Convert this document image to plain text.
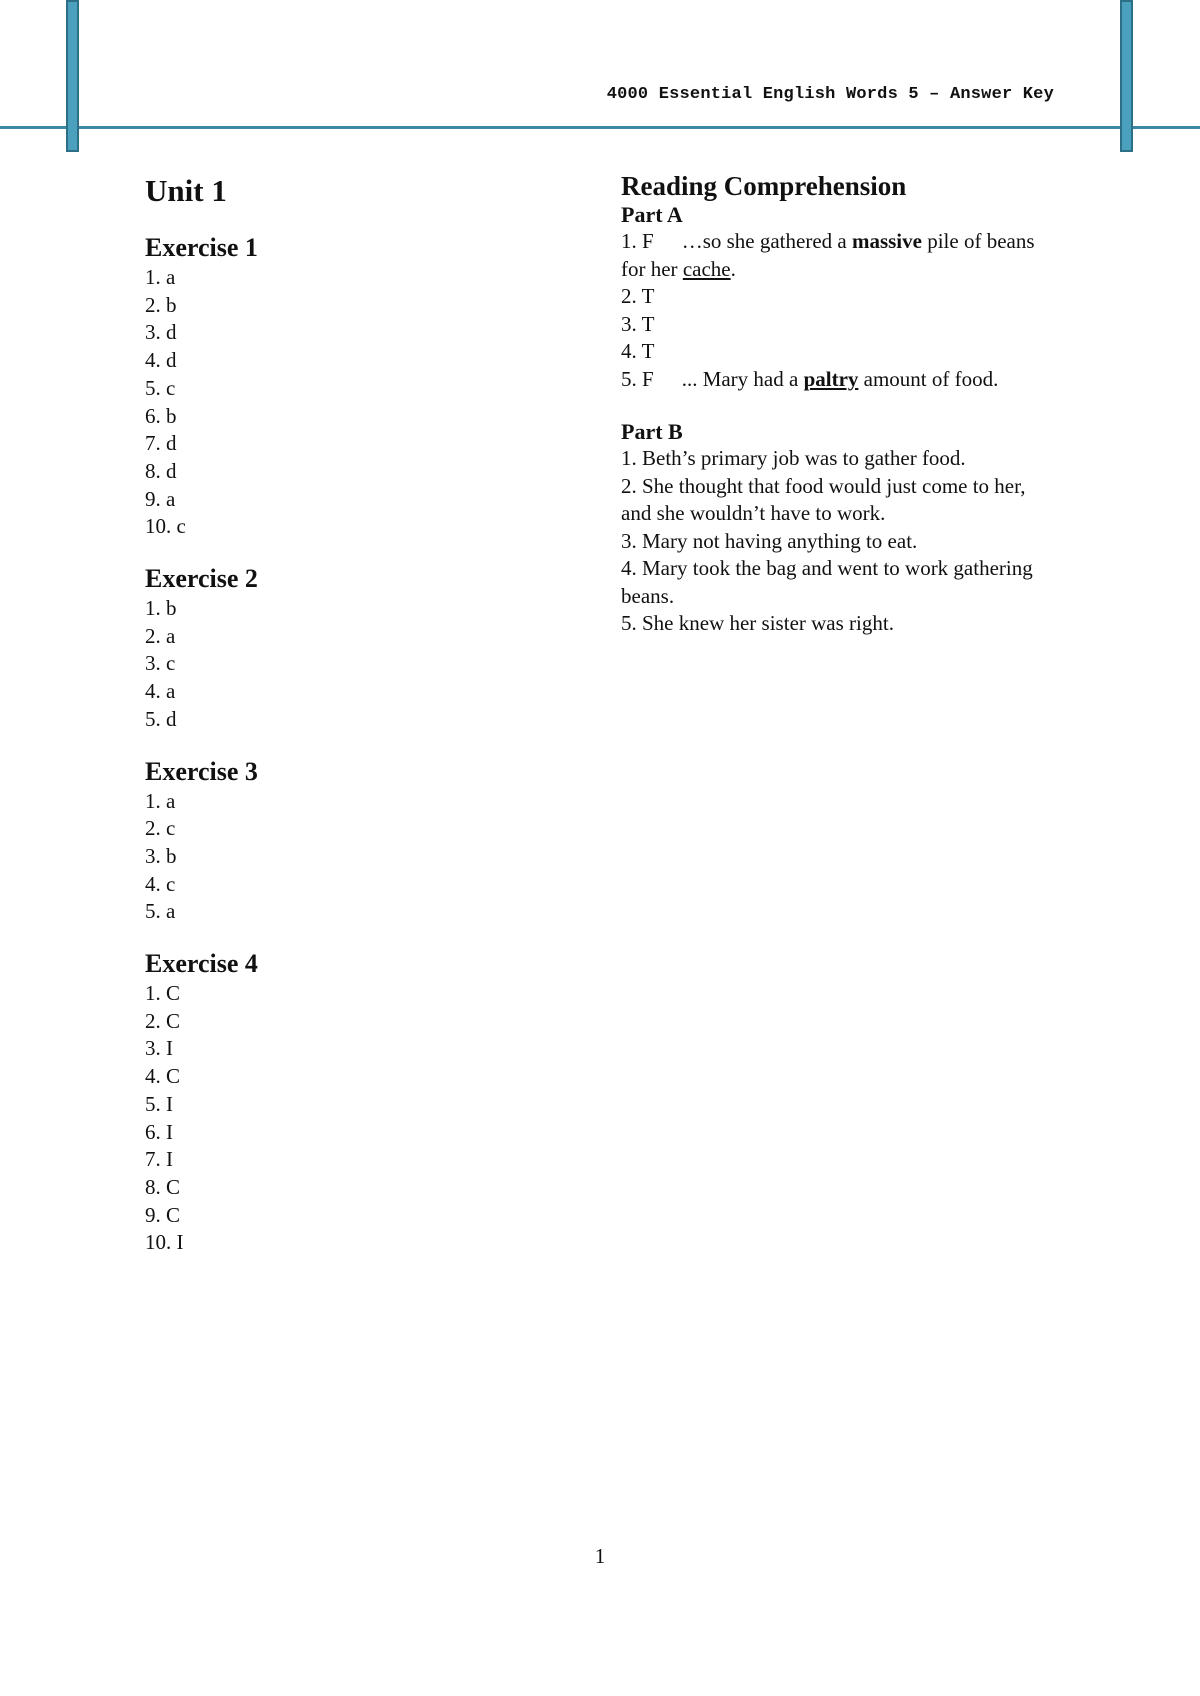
4000 Essential English Words 5 – Answer Key
Unit 1
Exercise 1
1. a
2. b
3. d
4. d
5. c
6. b
7. d
8. d
9. a
10. c
Exercise 2
1. b
2. a
3. c
4. a
5. d
Exercise 3
1. a
2. c
3. b
4. c
5. a
Exercise 4
1. C
2. C
3. I
4. C
5. I
6. I
7. I
8. C
9. C
10. I
Reading Comprehension
Part A
1. F …so she gathered a massive pile of beans for her cache.
2. T
3. T
4. T
5. F ... Mary had a paltry amount of food.
Part B
1. Beth’s primary job was to gather food.
2. She thought that food would just come to her, and she wouldn’t have to work.
3. Mary not having anything to eat.
4. Mary took the bag and went to work gathering beans.
5. She knew her sister was right.
1
